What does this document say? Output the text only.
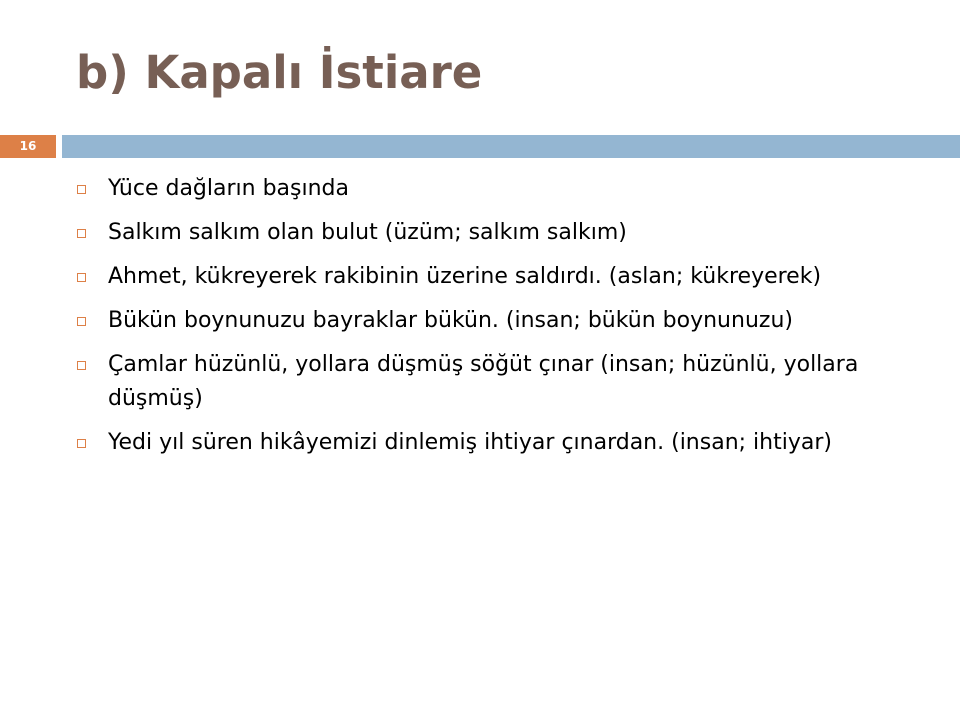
b) Kapalı İstiare
16
Yüce dağların başında
Salkım salkım olan bulut (üzüm; salkım salkım)
Ahmet, kükreyerek rakibinin üzerine saldırdı. (aslan; kükreyerek)
Bükün boynunuzu bayraklar bükün. (insan; bükün boynunuzu)
Çamlar hüzünlü, yollara düşmüş söğüt çınar (insan; hüzünlü, yollara düşmüş)
Yedi yıl süren hikâyemizi dinlemiş ihtiyar çınardan. (insan; ihtiyar)
